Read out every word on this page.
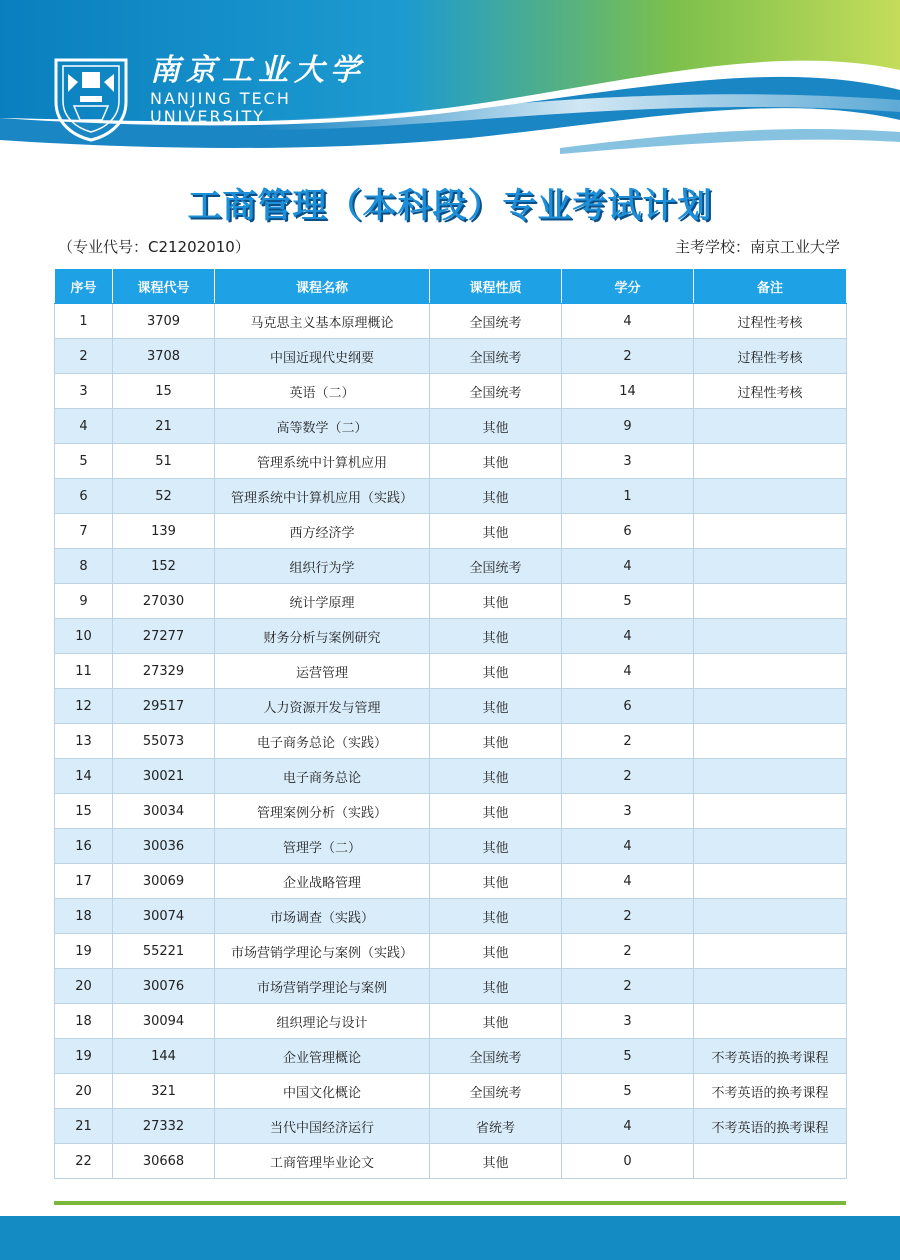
南京工业大学
NANJING TECH
UNIVERSITY
工商管理（本科段）专业考试计划
（专业代号：C21202010）	主考学校：南京工业大学
序号	课程代号	课程名称	课程性质	学分	备注
1	3709	马克思主义基本原理概论	全国统考	4	过程性考核
2	3708	中国近现代史纲要	全国统考	2	过程性考核
3	15	英语（二）	全国统考	14	过程性考核
4	21	高等数学（二）	其他	9	
5	51	管理系统中计算机应用	其他	3	
6	52	管理系统中计算机应用（实践）	其他	1	
7	139	西方经济学	其他	6	
8	152	组织行为学	全国统考	4	
9	27030	统计学原理	其他	5	
10	27277	财务分析与案例研究	其他	4	
11	27329	运营管理	其他	4	
12	29517	人力资源开发与管理	其他	6	
13	55073	电子商务总论（实践）	其他	2	
14	30021	电子商务总论	其他	2	
15	30034	管理案例分析（实践）	其他	3	
16	30036	管理学（二）	其他	4	
17	30069	企业战略管理	其他	4	
18	30074	市场调查（实践）	其他	2	
19	55221	市场营销学理论与案例（实践）	其他	2	
20	30076	市场营销学理论与案例	其他	2	
18	30094	组织理论与设计	其他	3	
19	144	企业管理概论	全国统考	5	不考英语的换考课程
20	321	中国文化概论	全国统考	5	不考英语的换考课程
21	27332	当代中国经济运行	省统考	4	不考英语的换考课程
22	30668	工商管理毕业论文	其他	0	
